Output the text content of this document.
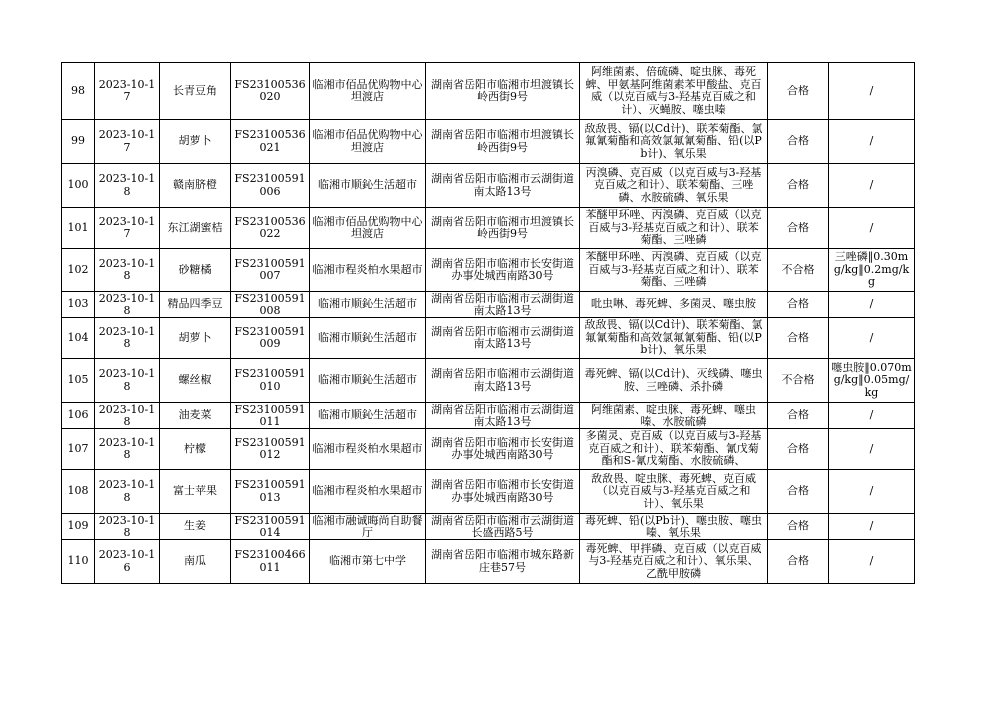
98	2023-10-17	长青豆角	FS23100536020	临湘市佰品优购物中心坦渡店	湖南省岳阳市临湘市坦渡镇长岭西街9号	阿维菌素、倍硫磷、啶虫脒、毒死蜱、甲氨基阿维菌素苯甲酸盐、克百威（以克百威与3-羟基克百威之和计）、灭蝇胺、噻虫嗪	合格	/

99	2023-10-17	胡萝卜	FS23100536021	临湘市佰品优购物中心坦渡店	湖南省岳阳市临湘市坦渡镇长岭西街9号	敌敌畏、镉(以Cd计)、联苯菊酯、氯氟氰菊酯和高效氯氟氰菊酯、铅(以Pb计)、氧乐果	合格	/

100	2023-10-18	赣南脐橙	FS23100591006	临湘市顺鈊生活超市	湖南省岳阳市临湘市云湖街道南太路13号	丙溴磷、克百威（以克百威与3-羟基克百威之和计）、联苯菊酯、三唑磷、水胺硫磷、氧乐果	合格	/

101	2023-10-17	东江湖蜜桔	FS23100536022	临湘市佰品优购物中心坦渡店	湖南省岳阳市临湘市坦渡镇长岭西街9号	苯醚甲环唑、丙溴磷、克百威（以克百威与3-羟基克百威之和计）、联苯菊酯、三唑磷	合格	/

102	2023-10-18	砂糖橘	FS23100591007	临湘市程炎柏水果超市	湖南省岳阳市临湘市长安街道办事处城西南路30号	苯醚甲环唑、丙溴磷、克百威（以克百威与3-羟基克百威之和计）、联苯菊酯、三唑磷	不合格	三唑磷‖0.30mg/kg‖0.2mg/kg

103	2023-10-18	精品四季豆	FS23100591008	临湘市顺鈊生活超市	湖南省岳阳市临湘市云湖街道南太路13号	吡虫啉、毒死蜱、多菌灵、噻虫胺	合格	/

104	2023-10-18	胡萝卜	FS23100591009	临湘市顺鈊生活超市	湖南省岳阳市临湘市云湖街道南太路13号	敌敌畏、镉(以Cd计)、联苯菊酯、氯氟氰菊酯和高效氯氟氰菊酯、铅(以Pb计)、氧乐果	合格	/

105	2023-10-18	螺丝椒	FS23100591010	临湘市顺鈊生活超市	湖南省岳阳市临湘市云湖街道南太路13号	毒死蜱、镉(以Cd计)、灭线磷、噻虫胺、三唑磷、杀扑磷	不合格	噻虫胺‖0.070mg/kg‖0.05mg/kg

106	2023-10-18	油麦菜	FS23100591011	临湘市顺鈊生活超市	湖南省岳阳市临湘市云湖街道南太路13号	阿维菌素、啶虫脒、毒死蜱、噻虫嗪、水胺硫磷	合格	/

107	2023-10-18	柠檬	FS23100591012	临湘市程炎柏水果超市	湖南省岳阳市临湘市长安街道办事处城西南路30号	多菌灵、克百威（以克百威与3-羟基克百威之和计）、联苯菊酯、氰戊菊酯和S-氰戊菊酯、水胺硫磷、	合格	/

108	2023-10-18	富士苹果	FS23100591013	临湘市程炎柏水果超市	湖南省岳阳市临湘市长安街道办事处城西南路30号	敌敌畏、啶虫脒、毒死蜱、克百威（以克百威与3-羟基克百威之和计）、氧乐果	合格	/

109	2023-10-18	生姜	FS23100591014	临湘市融诚晦尚自助餐厅	湖南省岳阳市临湘市云湖街道长盛西路5号	毒死蜱、铅(以Pb计)、噻虫胺、噻虫嗪、氧乐果	合格	/

110	2023-10-16	南瓜	FS23100466011	临湘市第七中学	湖南省岳阳市临湘市城东路新庄巷57号	毒死蜱、甲拌磷、克百威（以克百威与3-羟基克百威之和计）、氧乐果、乙酰甲胺磷	合格	/
